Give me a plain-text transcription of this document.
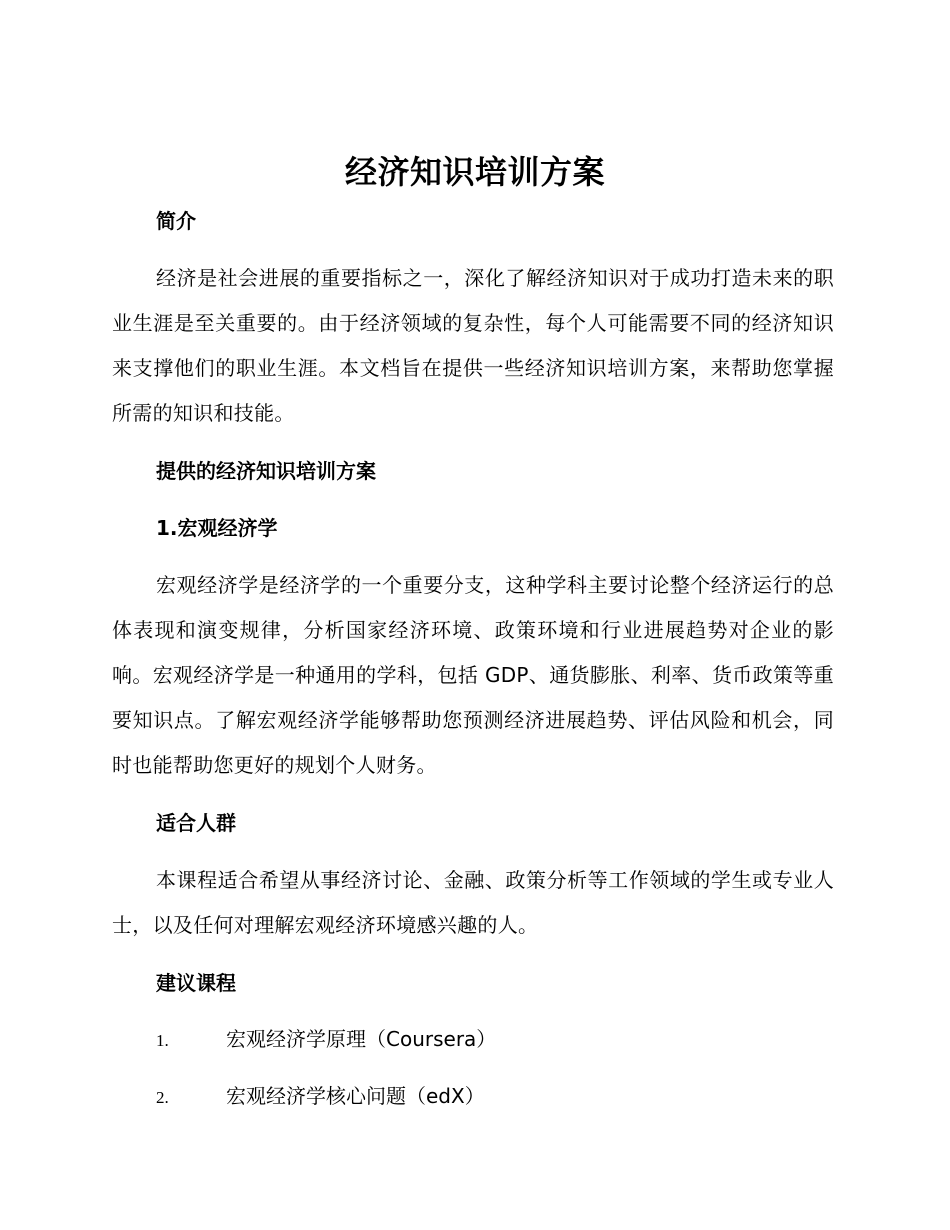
经济知识培训方案
简介

经济是社会进展的重要指标之一，深化了解经济知识对于成功打造未来的职业生涯是至关重要的。由于经济领域的复杂性，每个人可能需要不同的经济知识来支撑他们的职业生涯。本文档旨在提供一些经济知识培训方案，来帮助您掌握所需的知识和技能。

提供的经济知识培训方案
1.宏观经济学

宏观经济学是经济学的一个重要分支，这种学科主要讨论整个经济运行的总体表现和演变规律，分析国家经济环境、政策环境和行业进展趋势对企业的影响。宏观经济学是一种通用的学科，包括 GDP、通货膨胀、利率、货币政策等重要知识点。了解宏观经济学能够帮助您预测经济进展趋势、评估风险和机会，同时也能帮助您更好的规划个人财务。

适合人群

本课程适合希望从事经济讨论、金融、政策分析等工作领域的学生或专业人士，以及任何对理解宏观经济环境感兴趣的人。

建议课程
1.	宏观经济学原理（Coursera）
2.	宏观经济学核心问题（edX）
